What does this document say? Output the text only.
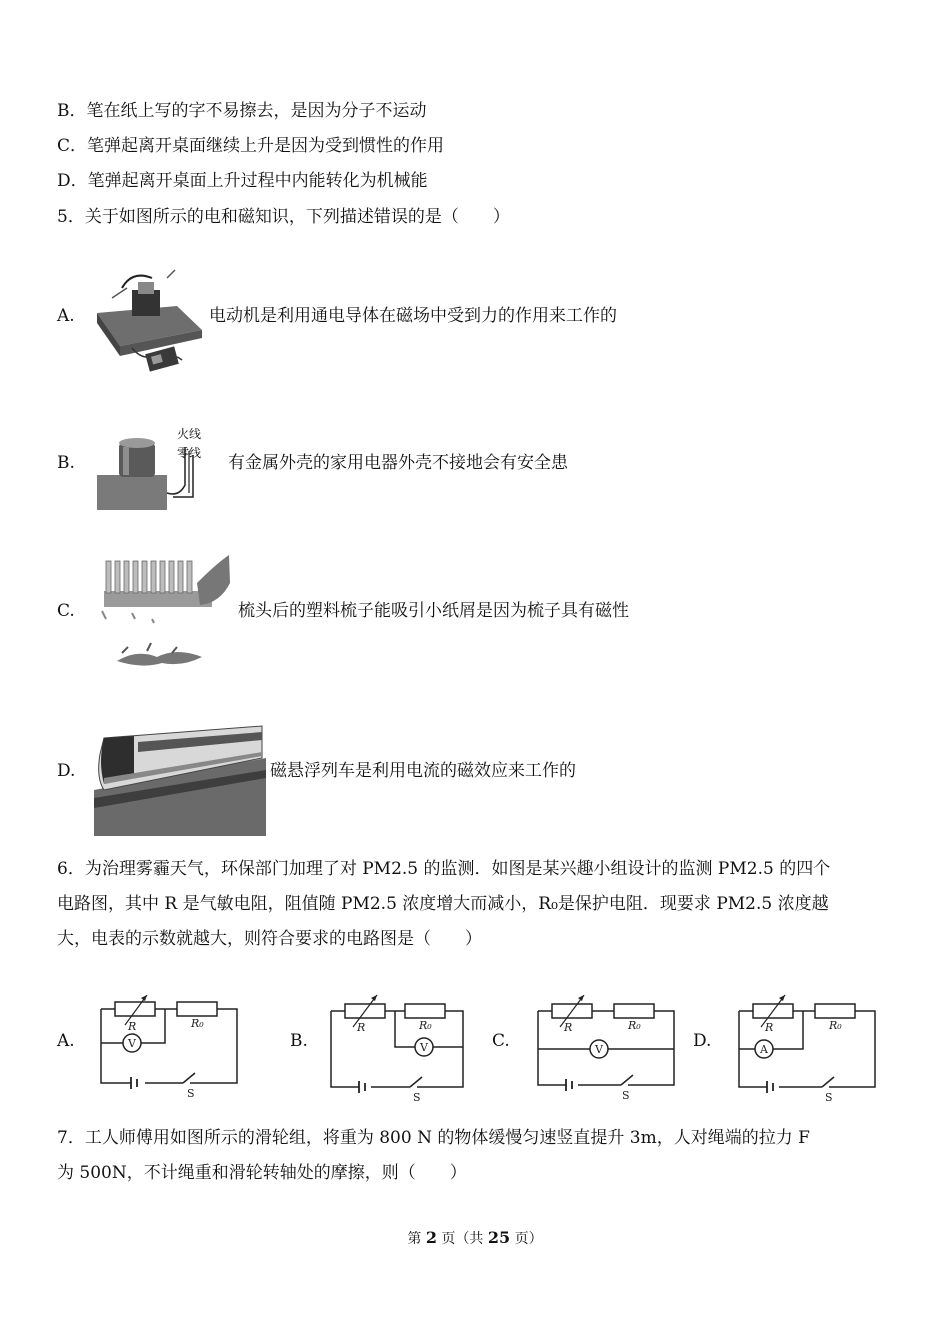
B．笔在纸上写的字不易擦去，是因为分子不运动
C．笔弹起离开桌面继续上升是因为受到惯性的作用
D．笔弹起离开桌面上升过程中内能转化为机械能
5．关于如图所示的电和磁知识，下列描述错误的是（　　）
A.	电动机是利用通电导体在磁场中受到力的作用来工作的
B.
火线
零线 有金属外壳的家用电器外壳不接地会有安全患
C.	梳头后的塑料梳子能吸引小纸屑是因为梳子具有磁性
D.	磁悬浮列车是利用电流的磁效应来工作的
6．为治理雾霾天气，环保部门加理了对 PM2.5 的监测．如图是某兴趣小组设计的监测 PM2.5 的四个
电路图，其中 R 是气敏电阻，阻值随 PM2.5 浓度增大而减小，R₀是保护电阻．现要求 PM2.5 浓度越
大，电表的示数就越大，则符合要求的电路图是（　　）
A.
R	R₀
V
S
B.
R	R₀
V
S
C.
R	R₀
V
S
D.
R	R₀
A
S
7．工人师傅用如图所示的滑轮组，将重为 800 N 的物体缓慢匀速竖直提升 3m，人对绳端的拉力 F
为 500N，不计绳重和滑轮转轴处的摩擦，则（　　）
第 2 页（共 25 页）
